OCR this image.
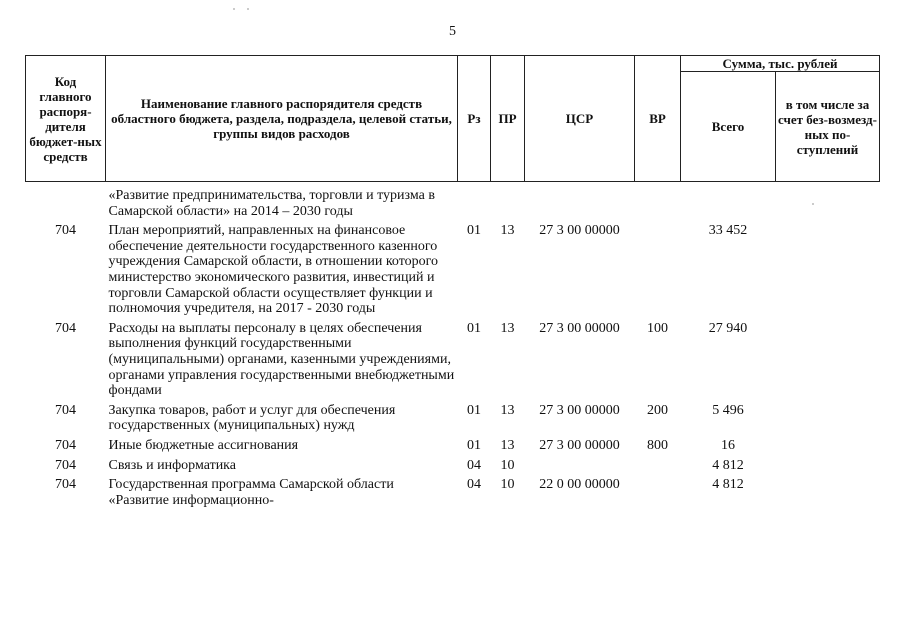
5
Код главного распоря-дителя бюджет-ных средств	Наименование главного распорядителя средств областного бюджета, раздела, подраздела, целевой статьи, группы видов расходов	Рз	ПР	ЦСР	ВР	Сумма, тыс. рублей	
						Всего	в том числе за счет без-возмезд-ных по-ступлений
	«Развитие предпринимательства, торговли и туризма в Самарской области» на 2014 – 2030 годы						
704	План мероприятий, направленных на финансовое обеспечение деятельности государственного казенного учреждения Самарской области, в отношении которого министерство экономического развития, инвестиций и торговли Самарской области осуществляет функции и полномочия учредителя, на 2017 - 2030 годы	01	13	27 3 00 00000		33 452	
704	Расходы на выплаты персоналу в целях обеспечения выполнения функций государственными (муниципальными) органами, казенными учреждениями, органами управления государственными внебюджетными фондами	01	13	27 3 00 00000	100	27 940	
704	Закупка товаров, работ и услуг для обеспечения государственных (муниципальных) нужд	01	13	27 3 00 00000	200	5 496	
704	Иные бюджетные ассигнования	01	13	27 3 00 00000	800	16	
704	Связь и информатика	04	10			4 812	
704	Государственная программа Самарской области «Развитие информационно-	04	10	22 0 00 00000		4 812	
